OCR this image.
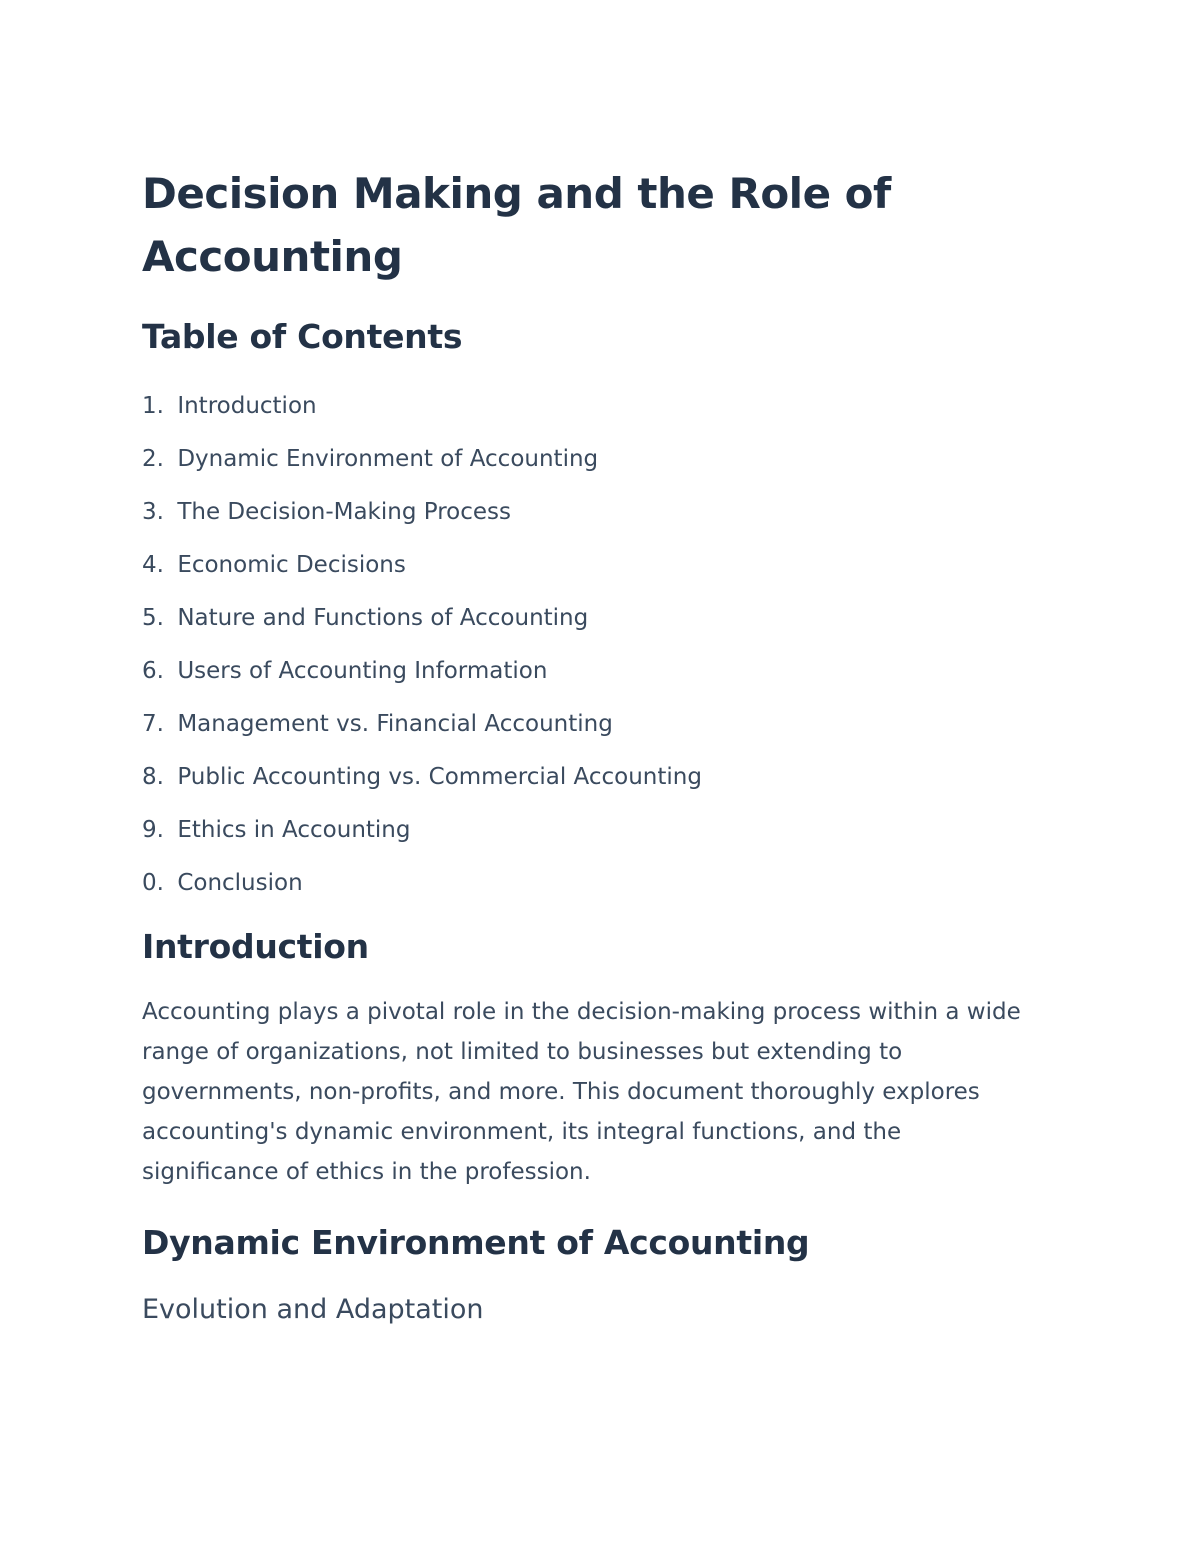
Decision Making and the Role of Accounting
Table of Contents
1. Introduction
2. Dynamic Environment of Accounting
3. The Decision-Making Process
4. Economic Decisions
5. Nature and Functions of Accounting
6. Users of Accounting Information
7. Management vs. Financial Accounting
8. Public Accounting vs. Commercial Accounting
9. Ethics in Accounting
0. Conclusion
Introduction

Accounting plays a pivotal role in the decision-making process within a wide range of organizations, not limited to businesses but extending to governments, non-profits, and more. This document thoroughly explores accounting's dynamic environment, its integral functions, and the significance of ethics in the profession.

Dynamic Environment of Accounting
Evolution and Adaptation
